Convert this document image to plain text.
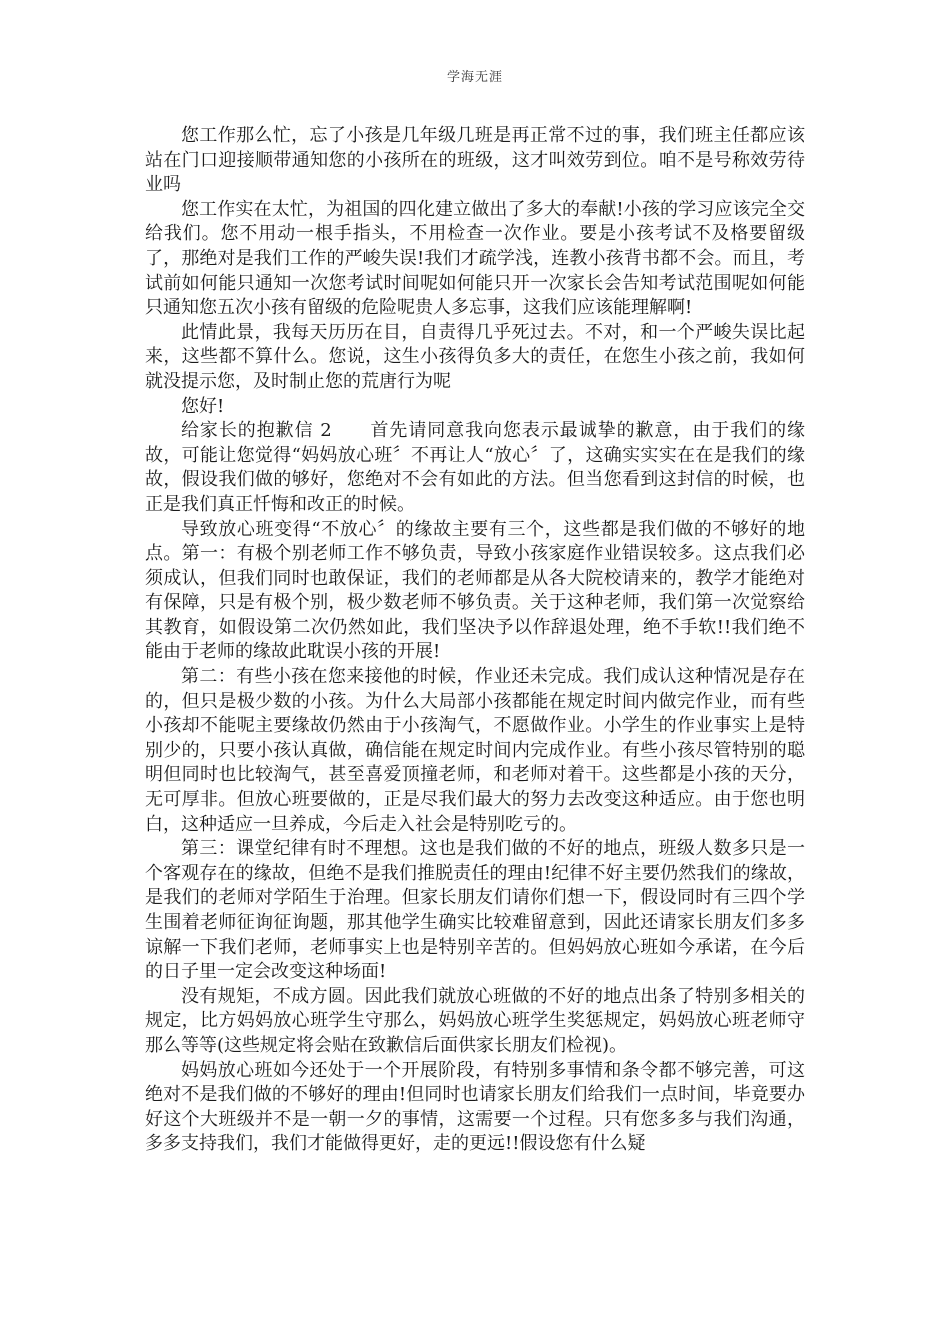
学海无涯

您工作那么忙，忘了小孩是几年级几班是再正常不过的事，我们班主任都应该站在门口迎接顺带通知您的小孩所在的班级，这才叫效劳到位。咱不是号称效劳待业吗

您工作实在太忙，为祖国的四化建立做出了多大的奉献!小孩的学习应该完全交给我们。您不用动一根手指头，不用检查一次作业。要是小孩考试不及格要留级了，那绝对是我们工作的严峻失误!我们才疏学浅，连教小孩背书都不会。而且，考试前如何能只通知一次您考试时间呢如何能只开一次家长会告知考试范围呢如何能只通知您五次小孩有留级的危险呢贵人多忘事，这我们应该能理解啊!

此情此景，我每天历历在目，自责得几乎死过去。不对，和一个严峻失误比起来，这些都不算什么。您说，这生小孩得负多大的责任，在您生小孩之前，我如何就没提示您，及时制止您的荒唐行为呢

您好!

给家长的抱歉信 2　　首先请同意我向您表示最诚挚的歉意，由于我们的缘故，可能让您觉得“妈妈放心班〞不再让人“放心〞了，这确实实实在在是我们的缘故，假设我们做的够好，您绝对不会有如此的方法。但当您看到这封信的时候，也正是我们真正忏悔和改正的时候。

导致放心班变得“不放心〞的缘故主要有三个，这些都是我们做的不够好的地点。第一：有极个别老师工作不够负责，导致小孩家庭作业错误较多。这点我们必须成认，但我们同时也敢保证，我们的老师都是从各大院校请来的，教学才能绝对有保障，只是有极个别，极少数老师不够负责。关于这种老师，我们第一次觉察给其教育，如假设第二次仍然如此，我们坚决予以作辞退处理，绝不手软!!我们绝不能由于老师的缘故此耽误小孩的开展!

第二：有些小孩在您来接他的时候，作业还未完成。我们成认这种情况是存在的，但只是极少数的小孩。为什么大局部小孩都能在规定时间内做完作业，而有些小孩却不能呢主要缘故仍然由于小孩淘气，不愿做作业。小学生的作业事实上是特别少的，只要小孩认真做，确信能在规定时间内完成作业。有些小孩尽管特别的聪明但同时也比较淘气，甚至喜爱顶撞老师，和老师对着干。这些都是小孩的天分，无可厚非。但放心班要做的，正是尽我们最大的努力去改变这种适应。由于您也明白，这种适应一旦养成，今后走入社会是特别吃亏的。

第三：课堂纪律有时不理想。这也是我们做的不好的地点，班级人数多只是一个客观存在的缘故，但绝不是我们推脱责任的理由!纪律不好主要仍然我们的缘故，是我们的老师对学陌生于治理。但家长朋友们请你们想一下，假设同时有三四个学生围着老师征询征询题，那其他学生确实比较难留意到，因此还请家长朋友们多多谅解一下我们老师，老师事实上也是特别辛苦的。但妈妈放心班如今承诺，在今后的日子里一定会改变这种场面!

没有规矩，不成方圆。因此我们就放心班做的不好的地点出条了特别多相关的规定，比方妈妈放心班学生守那么，妈妈放心班学生奖惩规定，妈妈放心班老师守那么等等(这些规定将会贴在致歉信后面供家长朋友们检视)。

妈妈放心班如今还处于一个开展阶段，有特别多事情和条令都不够完善，可这绝对不是我们做的不够好的理由!但同时也请家长朋友们给我们一点时间，毕竟要办好这个大班级并不是一朝一夕的事情，这需要一个过程。只有您多多与我们沟通，多多支持我们，我们才能做得更好，走的更远!!假设您有什么疑
